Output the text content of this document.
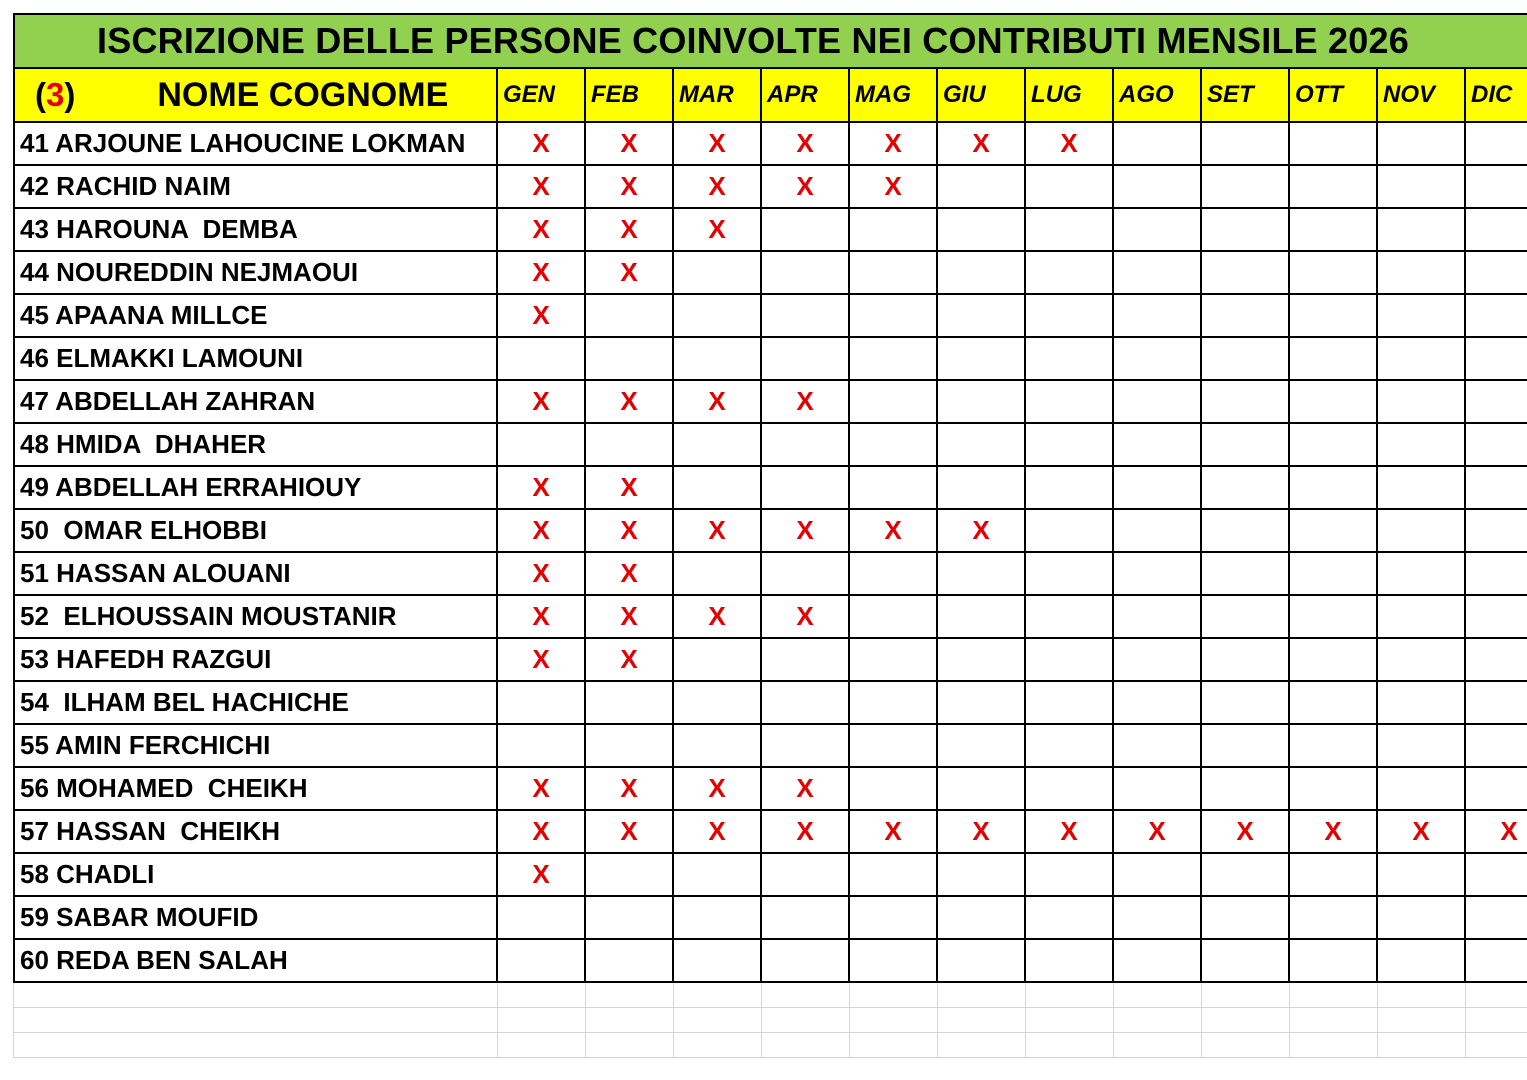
ISCRIZIONE DELLE PERSONE COINVOLTE NEI CONTRIBUTI MENSILE 2026
(3) NOME COGNOME GEN	FEB	MAR	APR	MAG	GIU	LUG	AGO	SET	OTT	NOV	DIC
41 ARJOUNE LAHOUCINE LOKMAN	X	X	X	X	X	X	X
42 RACHID NAIM	X	X	X	X	X
43 HAROUNA  DEMBA	X	X	X
44 NOUREDDIN NEJMAOUI	X	X
45 APAANA MILLCE	X
46 ELMAKKI LAMOUNI
47 ABDELLAH ZAHRAN	X	X	X	X
48 HMIDA  DHAHER
49 ABDELLAH ERRAHIOUY	X	X
50  OMAR ELHOBBI	X	X	X	X	X	X
51 HASSAN ALOUANI	X	X
52  ELHOUSSAIN MOUSTANIR	X	X	X	X
53 HAFEDH RAZGUI	X	X
54  ILHAM BEL HACHICHE
55 AMIN FERCHICHI
56 MOHAMED  CHEIKH	X	X	X	X
57 HASSAN  CHEIKH	X	X	X	X	X	X	X	X	X	X	X	X
58 CHADLI	X
59 SABAR MOUFID
60 REDA BEN SALAH
